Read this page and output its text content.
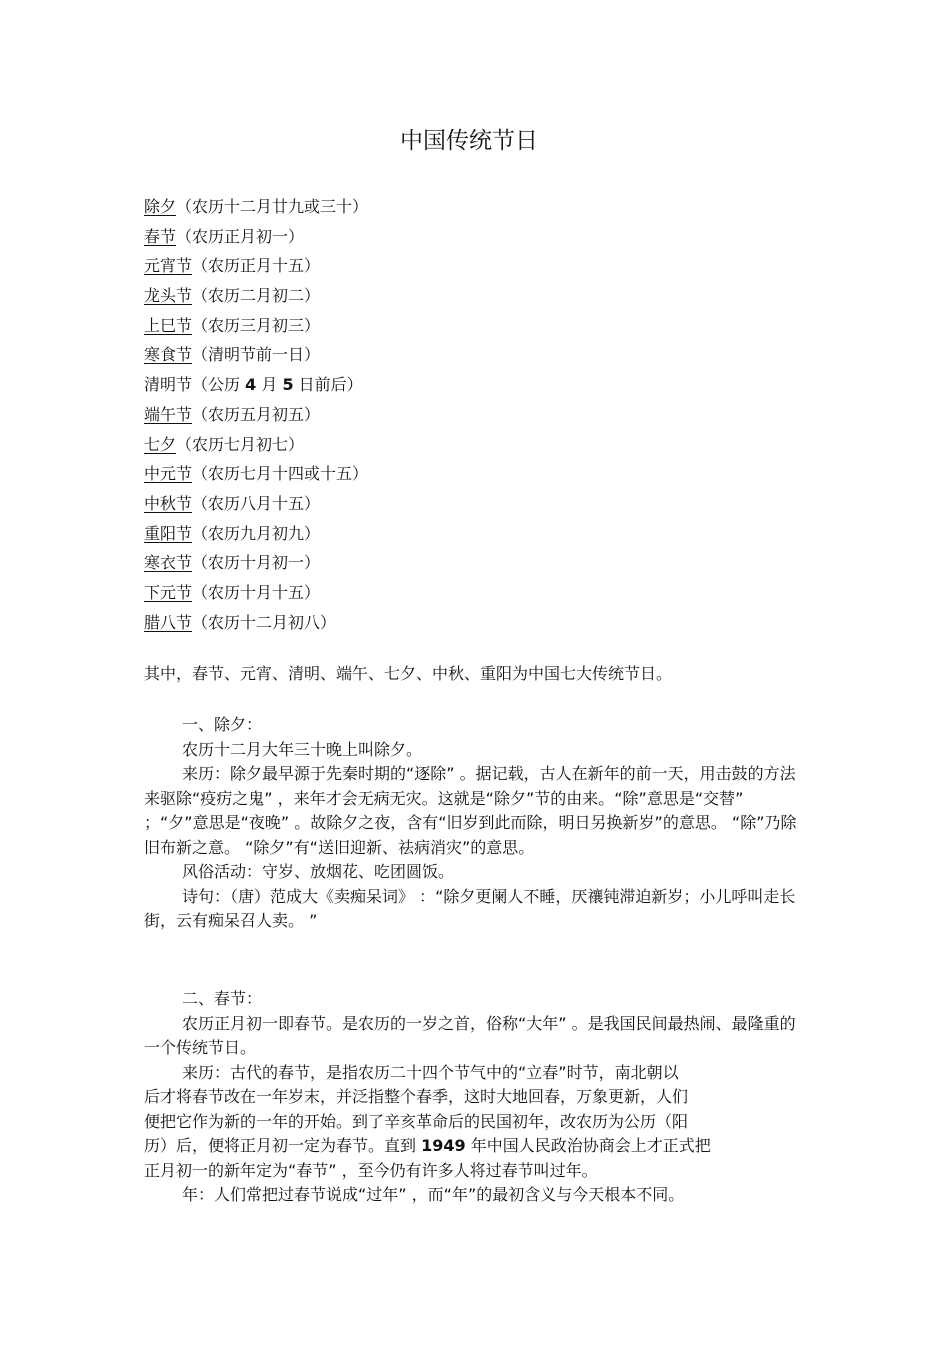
中国传统节日
除夕（农历十二月廿九或三十）
春节（农历正月初一）
元宵节（农历正月十五）
龙头节（农历二月初二）
上巳节（农历三月初三）
寒食节（清明节前一日）
清明节（公历 4 月 5 日前后）
端午节（农历五月初五）
七夕（农历七月初七）
中元节（农历七月十四或十五）
中秋节（农历八月十五）
重阳节（农历九月初九）
寒衣节（农历十月初一）
下元节（农历十月十五）
腊八节（农历十二月初八）
其中，春节、元宵、清明、端午、七夕、中秋、重阳为中国七大传统节日。

一、除夕：

农历十二月大年三十晚上叫除夕。

来历：除夕最早源于先秦时期的“逐除” 。据记载，古人在新年的前一天，用击鼓的方法来驱除“疫疠之鬼” ，来年才会无病无灾。这就是“除夕”节的由来。“除”意思是“交替” ；“夕”意思是“夜晚” 。故除夕之夜，含有“旧岁到此而除，明日另换新岁”的意思。 “除”乃除旧布新之意。 “除夕”有“送旧迎新、祛病消灾”的意思。

风俗活动：守岁、放烟花、吃团圆饭。

诗句：（唐）范成大《卖痴呆词》 ：“除夕更阑人不睡，厌禳钝滞迫新岁；小儿呼叫走长街，云有痴呆召人卖。 ”

二、春节：

农历正月初一即春节。是农历的一岁之首，俗称“大年” 。是我国民间最热闹、最隆重的一个传统节日。

来历：古代的春节，是指农历二十四个节气中的“立春”时节，南北朝以
后才将春节改在一年岁末，并泛指整个春季，这时大地回春，万象更新，人们
便把它作为新的一年的开始。到了辛亥革命后的民国初年，改农历为公历（阳
历）后，便将正月初一定为春节。直到 1949 年中国人民政治协商会上才正式把
正月初一的新年定为“春节” ，至今仍有许多人将过春节叫过年。

年：人们常把过春节说成“过年” ，而“年”的最初含义与今天根本不同。
